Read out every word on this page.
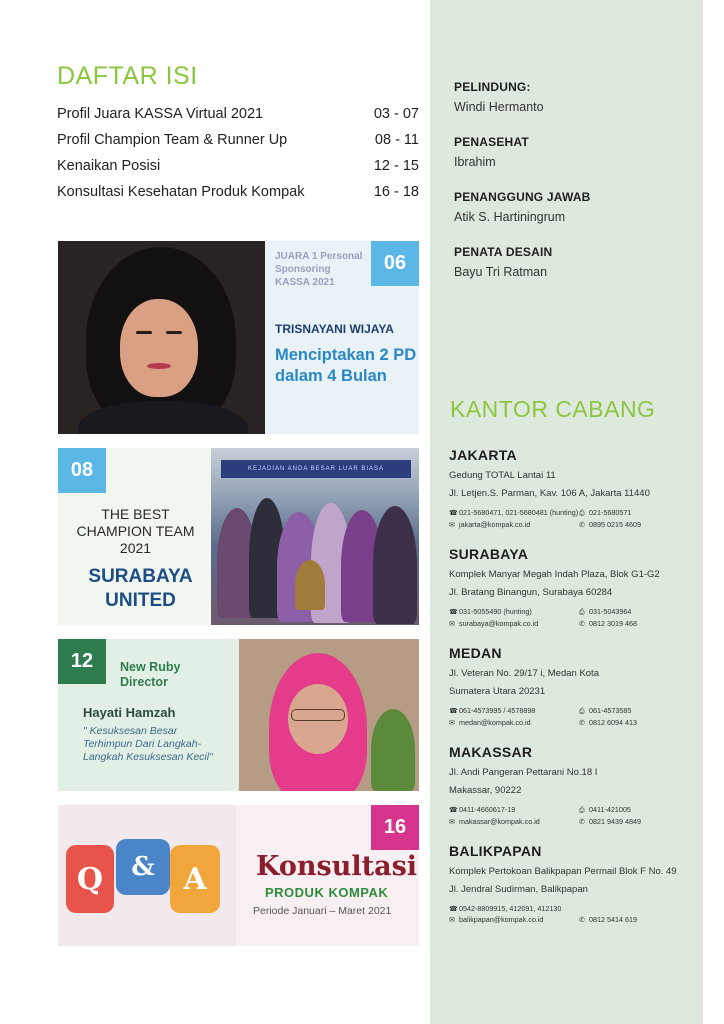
DAFTAR ISI
Profil Juara KASSA Virtual 2021	03 - 07
Profil Champion Team & Runner Up	08 - 11
Kenaikan Posisi	12 - 15
Konsultasi Kesehatan Produk Kompak	16 - 18
JUARA 1 Personal Sponsoring KASSA 2021
06
TRISNAYANI WIJAYA
Menciptakan 2 PD dalam 4 Bulan
08
THE BEST CHAMPION TEAM 2021
SURABAYA UNITED
KEJADIAN ANDA BESAR LUAR BIASA
12	New Ruby Director
Hayati Hamzah
" Kesuksesan Besar Terhimpun Dari Langkah-Langkah Kesuksesan Kecil"
Q	& A
16
Konsultasi
PRODUK KOMPAK
Periode Januari – Maret 2021
PELINDUNG:
Windi Hermanto
PENASEHAT
Ibrahim
PENANGGUNG JAWAB
Atik S. Hartiningrum
PENATA DESAIN
Bayu Tri Ratman
KANTOR CABANG
JAKARTA
Gedung TOTAL Lantai 11
Jl. Letjen.S. Parman, Kav. 106 A, Jakarta 11440
☎021-5680471, 021-5680481 (hunting) ⎙ 021-5680571
✉ jakarta@kompak.co.id	✆ 0895 0215 4609
SURABAYA
Komplek Manyar Megah Indah Plaza, Blok G1-G2
Jl. Bratang Binangun, Surabaya 60284
☎031-5055490 (hunting)	⎙ 031-5043964
✉ surabaya@kompak.co.id	✆ 0812 3019 468
MEDAN
Jl. Veteran No. 29/17 i, Medan Kota
Sumatera Utara 20231
☎061-4573995 / 4578898	⎙ 061-4573585
✉ medan@kompak.co.id	✆ 0812 6094 413
MAKASSAR
Jl. Andi Pangeran Pettarani No.18 I
Makassar, 90222
☎0411-4660617-19	⎙ 0411-421005
✉ makassar@kompak.co.id	✆ 0821 9439 4849
BALIKPAPAN
Komplek Pertokoan Balikpapan Permail Blok F No. 49
Jl. Jendral Sudirman, Balikpapan
☎0542-8809915, 412091, 412130
✉ balikpapan@kompak.co.id	✆ 0812 5414 619
